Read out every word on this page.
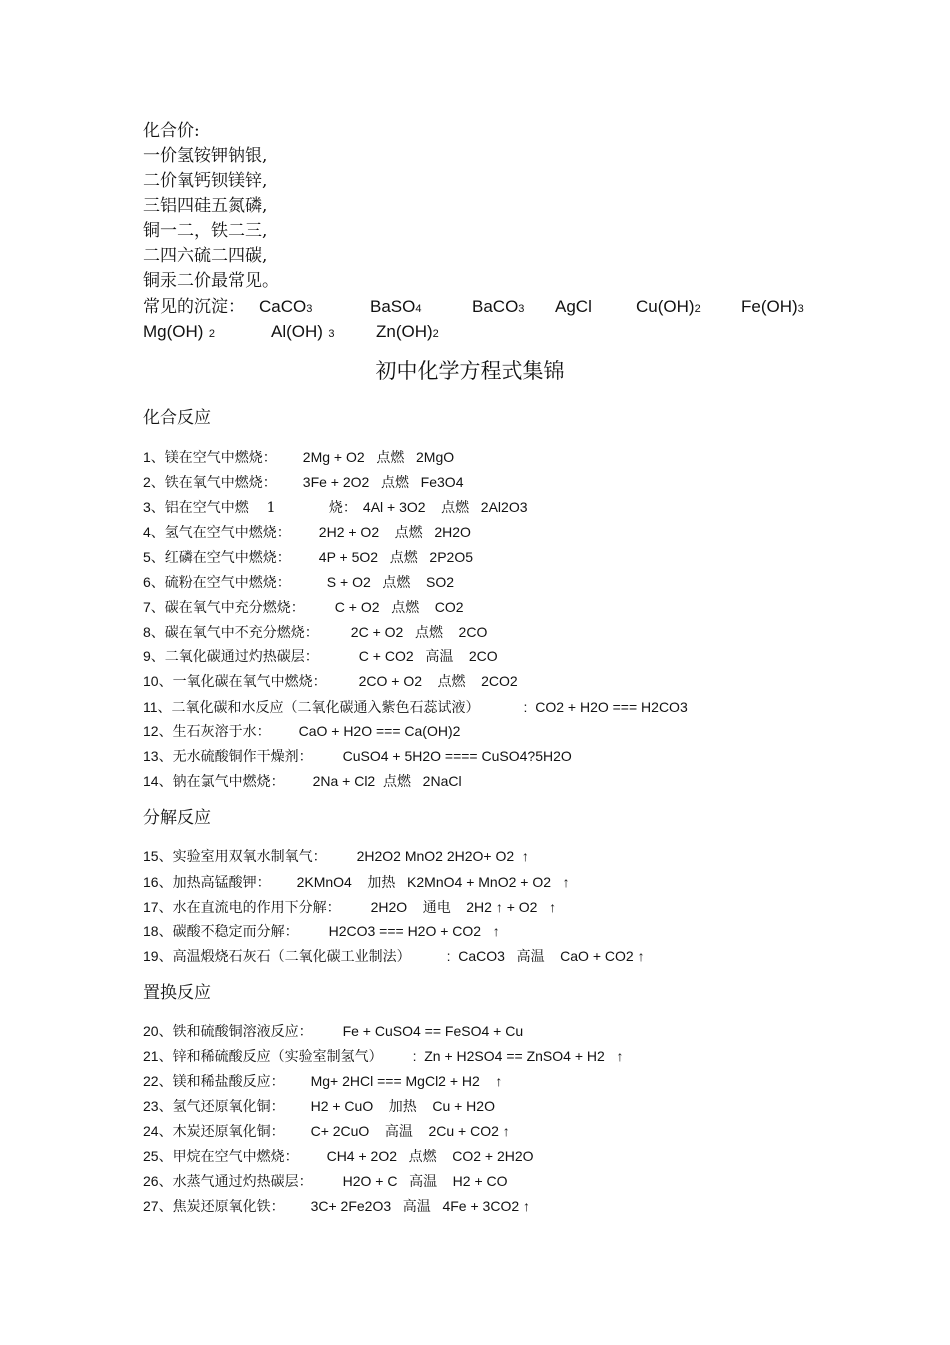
化合价:
一价氢铵钾钠银,
二价氧钙钡镁锌,
三铝四硅五氮磷,
铜一二，铁二三,
二四六硫二四碳,
铜汞二价最常见。
常见的沉淀： CaCO3	BaSO4	BaCO3 AgCl	Cu(OH)2 Fe(OH)3
Mg(OH) 2	Al(OH) 3 Zn(OH)2
初中化学方程式集锦
化合反应
1、镁在空气中燃烧： 2Mg + O2   点燃   2MgO
2、铁在氧气中燃烧： 3Fe + 2O2   点燃   Fe3O4
3、铝在空气中燃    1            烧： 4Al + 3O2    点燃   2Al2O3
4、氢气在空气中燃烧： 2H2 + O2    点燃   2H2O
5、红磷在空气中燃烧： 4P + 5O2   点燃   2P2O5
6、硫粉在空气中燃烧：	S + O2   点燃    SO2
7、碳在氧气中充分燃烧： C + O2   点燃    CO2
8、碳在氧气中不充分燃烧： 2C + O2   点燃    2CO
9、二氧化碳通过灼热碳层：	C + CO2   高温    2CO
10、一氧化碳在氧气中燃烧： 2CO + O2    点燃    2CO2
11、二氧化碳和水反应（二氧化碳通入紫色石蕊试液）	:  CO2 + H2O === H2CO3
12、生石灰溶于水： CaO + H2O === Ca(OH)2
13、无水硫酸铜作干燥剂： CuSO4 + 5H2O ==== CuSO4?5H2O
14、钠在氯气中燃烧： 2Na + Cl2  点燃   2NaCl
分解反应
15、实验室用双氧水制氧气： 2H2O2 MnO2 2H2O+ O2  ↑
16、加热高锰酸钾： 2KMnO4    加热   K2MnO4 + MnO2 + O2   ↑
17、水在直流电的作用下分解： 2H2O    通电    2H2 ↑ + O2   ↑
18、碳酸不稳定而分解： H2CO3 === H2O + CO2   ↑
19、高温煅烧石灰石（二氧化碳工业制法）	:  CaCO3   高温    CaO + CO2 ↑
置换反应
20、铁和硫酸铜溶液反应： Fe + CuSO4 == FeSO4 + Cu
21、锌和稀硫酸反应（实验室制氢气） :  Zn + H2SO4 == ZnSO4 + H2   ↑
22、镁和稀盐酸反应： Mg+ 2HCl === MgCl2 + H2    ↑
23、氢气还原氧化铜： H2 + CuO    加热    Cu + H2O
24、木炭还原氧化铜： C+ 2CuO    高温    2Cu + CO2 ↑
25、甲烷在空气中燃烧： CH4 + 2O2   点燃    CO2 + 2H2O
26、水蒸气通过灼热碳层： H2O + C   高温    H2 + CO
27、焦炭还原氧化铁： 3C+ 2Fe2O3   高温   4Fe + 3CO2 ↑
